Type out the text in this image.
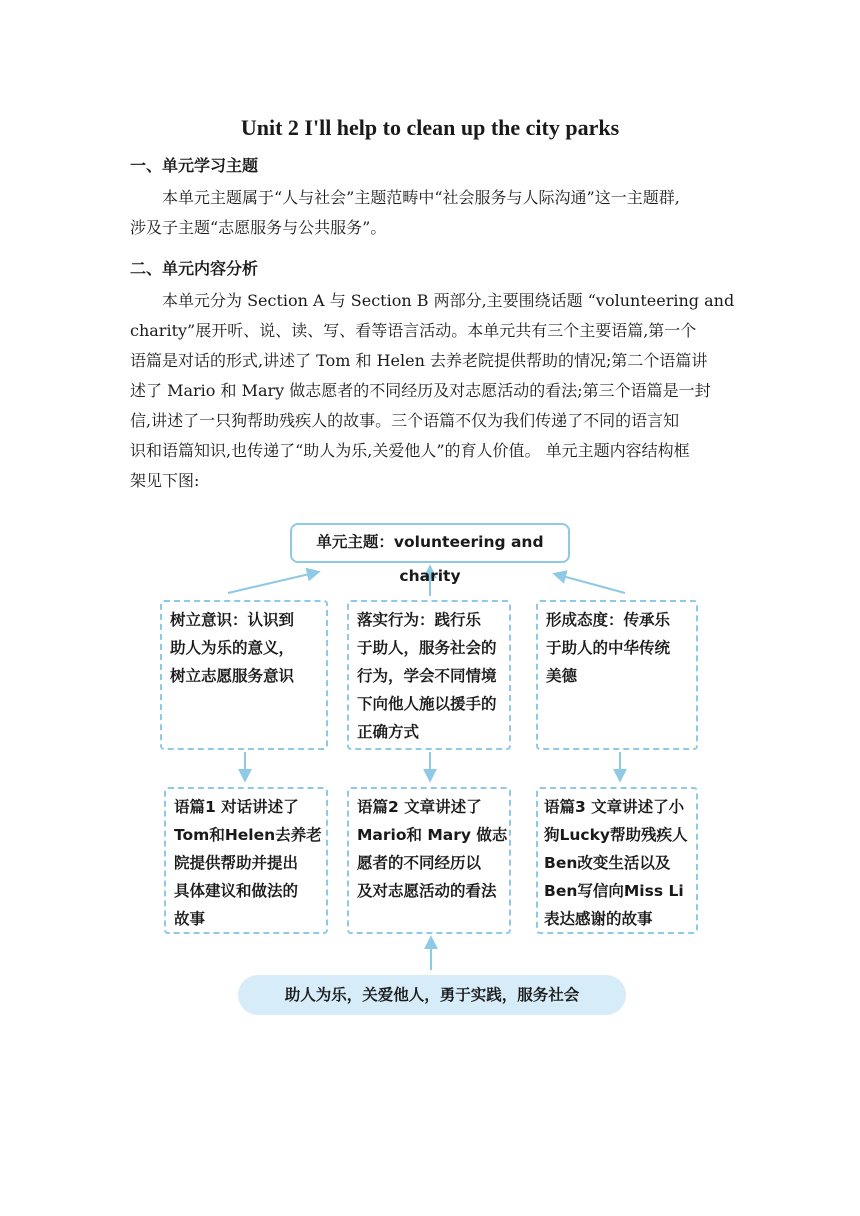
Unit 2 I'll help to clean up the city parks
一、单元学习主题
本单元主题属于“人与社会”主题范畴中“社会服务与人际沟通”这一主题群,
涉及子主题“志愿服务与公共服务”。
二、单元内容分析
本单元分为 Section A 与 Section B 两部分,主要围绕话题 “volunteering and
charity”展开听、说、读、写、看等语言活动。本单元共有三个主要语篇,第一个
语篇是对话的形式,讲述了 Tom 和 Helen 去养老院提供帮助的情况;第二个语篇讲
述了 Mario 和 Mary 做志愿者的不同经历及对志愿活动的看法;第三个语篇是一封
信,讲述了一只狗帮助残疾人的故事。三个语篇不仅为我们传递了不同的语言知
识和语篇知识,也传递了“助人为乐,关爱他人”的育人价值。 单元主题内容结构框
架见下图:
单元主题：volunteering and charity
树立意识：认识到
助人为乐的意义，
树立志愿服务意识
落实行为：践行乐
于助人，服务社会的
行为，学会不同情境
下向他人施以援手的
正确方式
形成态度：传承乐
于助人的中华传统
美德
语篇1 对话讲述了
Tom和Helen去养老
院提供帮助并提出
具体建议和做法的
故事
语篇2 文章讲述了
Mario和 Mary 做志
愿者的不同经历以
及对志愿活动的看法
语篇3 文章讲述了小
狗Lucky帮助残疾人
Ben改变生活以及
Ben写信向Miss Li
表达感谢的故事
助人为乐，关爱他人，勇于实践，服务社会
